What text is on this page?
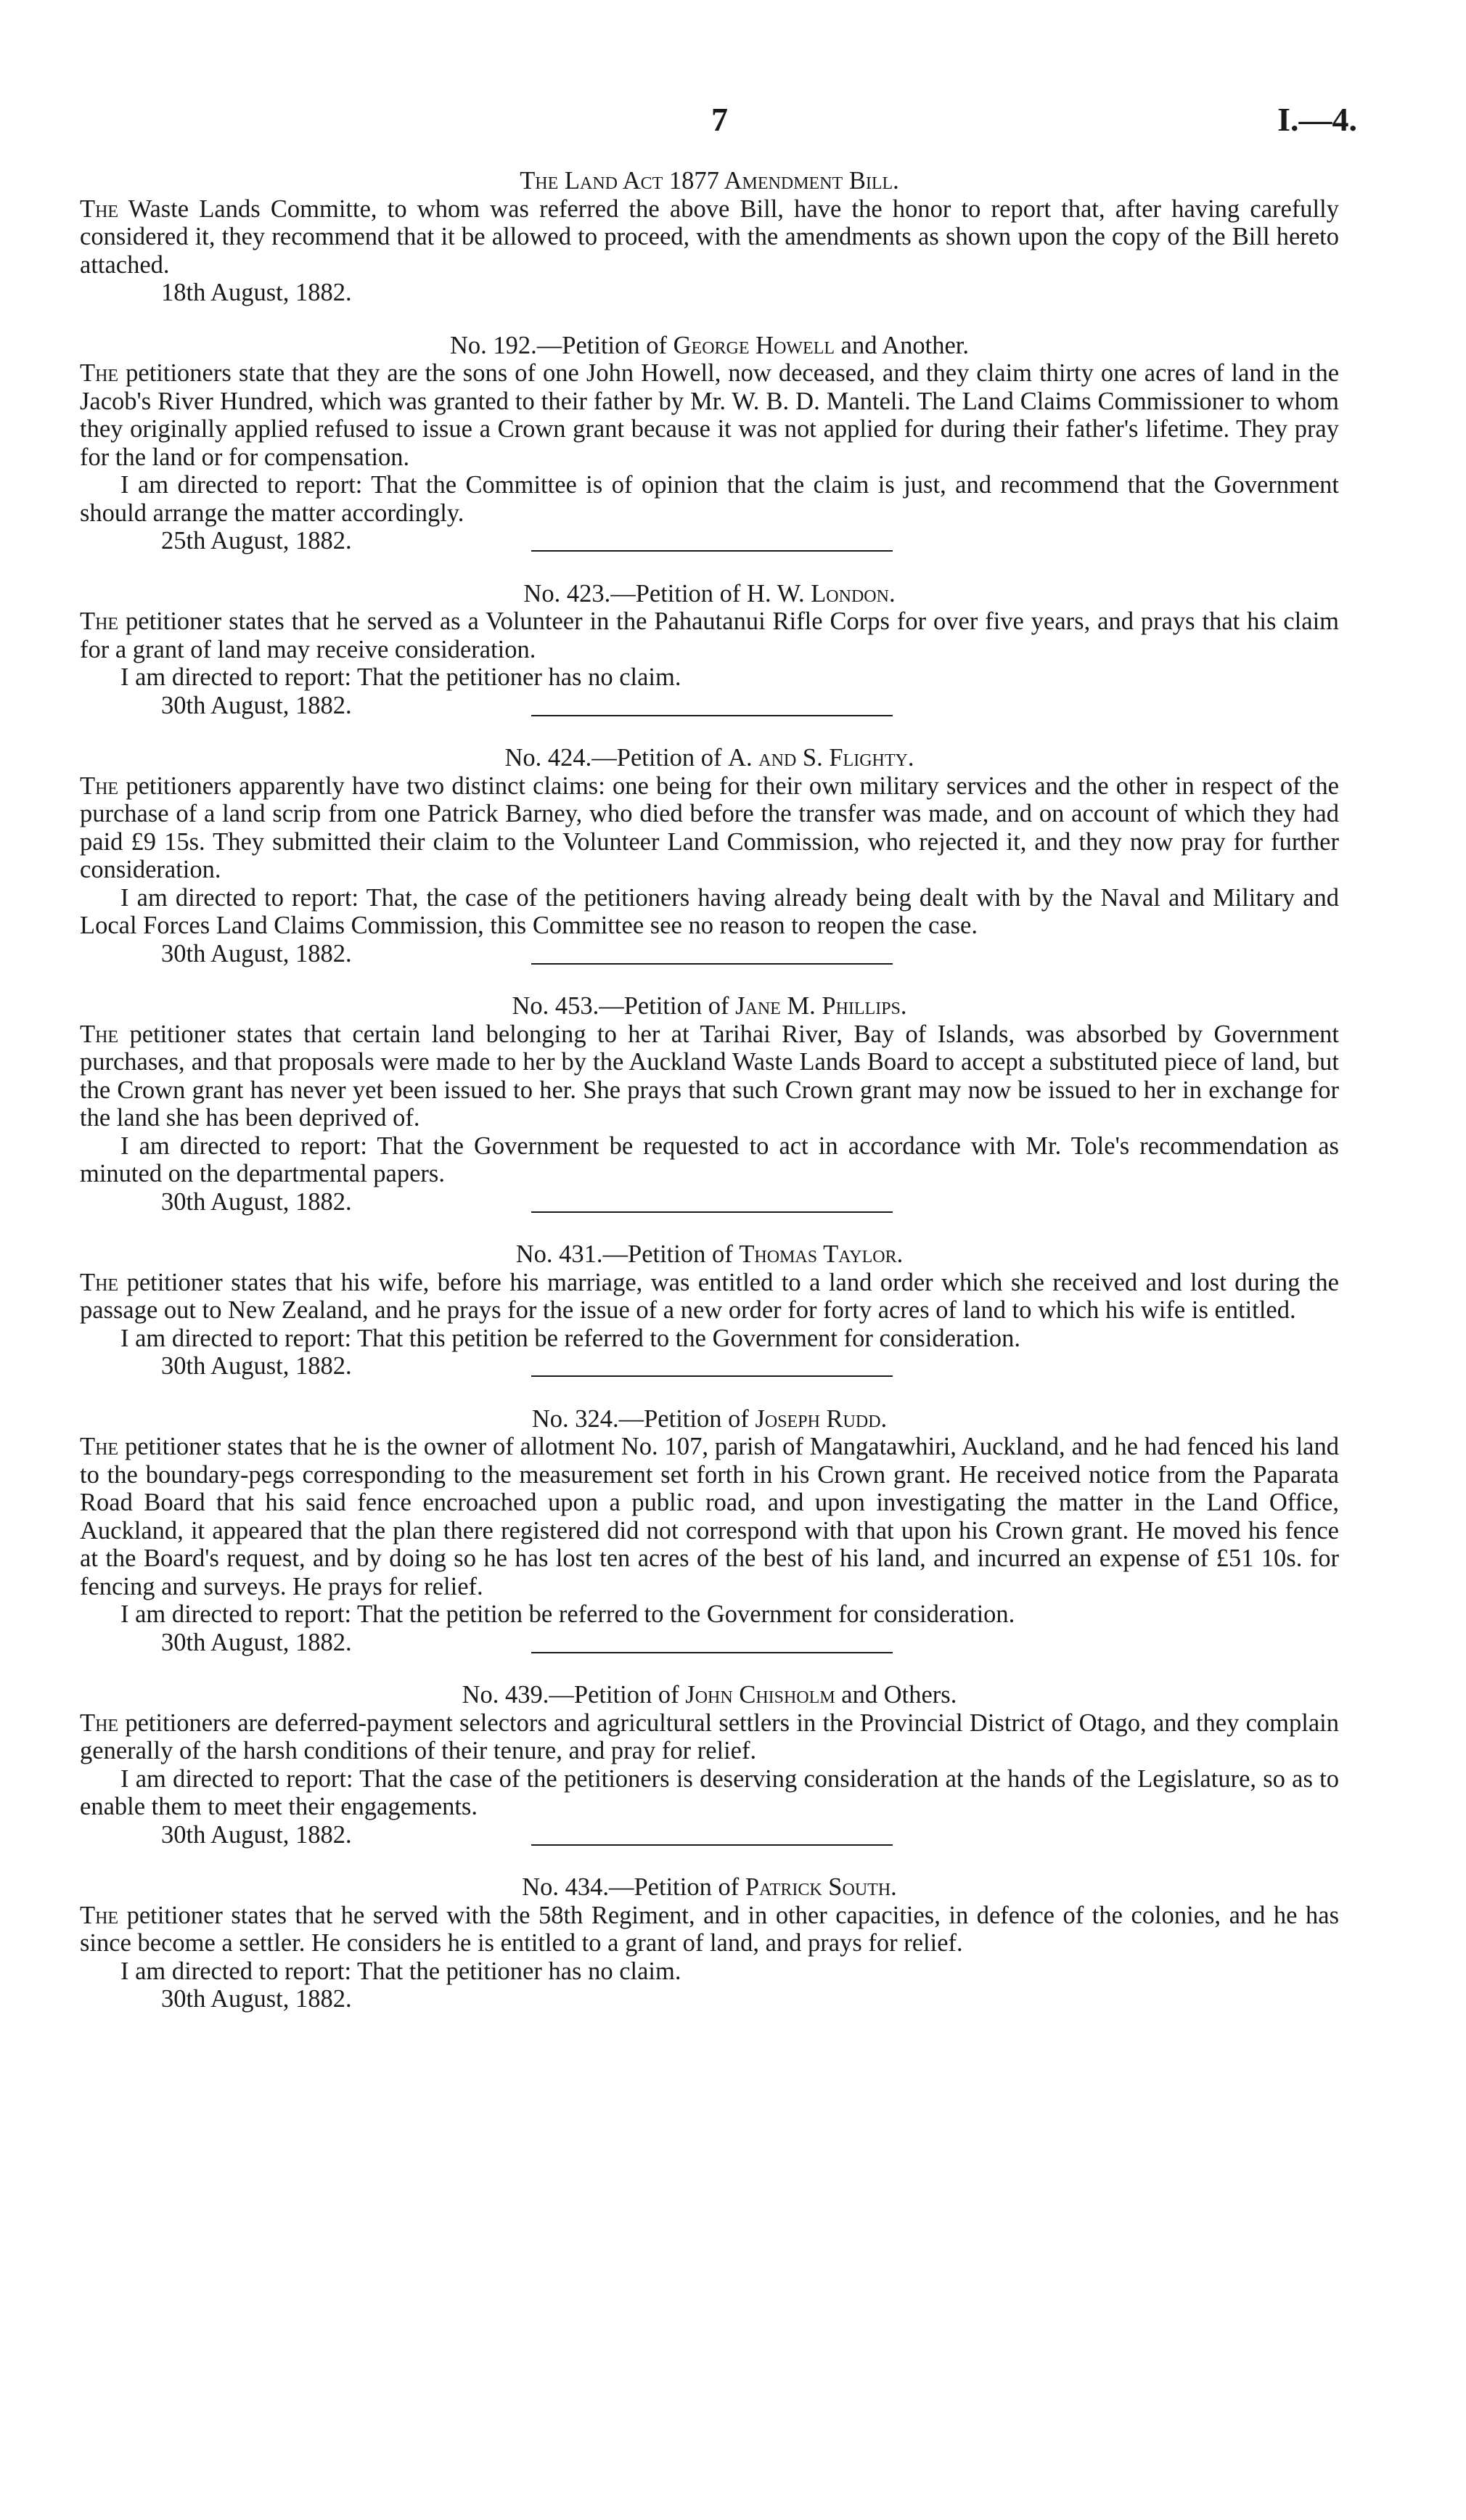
7	I.—4.

The Land Act 1877 Amendment Bill.

The Waste Lands Committe, to whom was referred the above Bill, have the honor to report that, after having carefully considered it, they recommend that it be allowed to proceed, with the amendments as shown upon the copy of the Bill hereto attached.

18th August, 1882.

No. 192.—Petition of George Howell and Another.

The petitioners state that they are the sons of one John Howell, now deceased, and they claim thirty one acres of land in the Jacob's River Hundred, which was granted to their father by Mr. W. B. D. Manteli. The Land Claims Commissioner to whom they originally applied refused to issue a Crown grant because it was not applied for during their father's lifetime. They pray for the land or for compensation.

I am directed to report: That the Committee is of opinion that the claim is just, and recommend that the Government should arrange the matter accordingly.

25th August, 1882.

No. 423.—Petition of H. W. London.

The petitioner states that he served as a Volunteer in the Pahautanui Rifle Corps for over five years, and prays that his claim for a grant of land may receive consideration.

I am directed to report: That the petitioner has no claim.

30th August, 1882.

No. 424.—Petition of A. and S. Flighty.

The petitioners apparently have two distinct claims: one being for their own military services and the other in respect of the purchase of a land scrip from one Patrick Barney, who died before the transfer was made, and on account of which they had paid £9 15s. They submitted their claim to the Volunteer Land Commission, who rejected it, and they now pray for further consideration.

I am directed to report: That, the case of the petitioners having already being dealt with by the Naval and Military and Local Forces Land Claims Commission, this Committee see no reason to reopen the case.

30th August, 1882.

No. 453.—Petition of Jane M. Phillips.

The petitioner states that certain land belonging to her at Tarihai River, Bay of Islands, was absorbed by Government purchases, and that proposals were made to her by the Auckland Waste Lands Board to accept a substituted piece of land, but the Crown grant has never yet been issued to her. She prays that such Crown grant may now be issued to her in exchange for the land she has been deprived of.

I am directed to report: That the Government be requested to act in accordance with Mr. Tole's recommendation as minuted on the departmental papers.

30th August, 1882.

No. 431.—Petition of Thomas Taylor.

The petitioner states that his wife, before his marriage, was entitled to a land order which she received and lost during the passage out to New Zealand, and he prays for the issue of a new order for forty acres of land to which his wife is entitled.

I am directed to report: That this petition be referred to the Government for consideration.

30th August, 1882.

No. 324.—Petition of Joseph Rudd.

The petitioner states that he is the owner of allotment No. 107, parish of Mangatawhiri, Auckland, and he had fenced his land to the boundary-pegs corresponding to the measurement set forth in his Crown grant. He received notice from the Paparata Road Board that his said fence encroached upon a public road, and upon investigating the matter in the Land Office, Auckland, it appeared that the plan there registered did not correspond with that upon his Crown grant. He moved his fence at the Board's request, and by doing so he has lost ten acres of the best of his land, and incurred an expense of £51 10s. for fencing and surveys. He prays for relief.

I am directed to report: That the petition be referred to the Government for consideration.

30th August, 1882.

No. 439.—Petition of John Chisholm and Others.

The petitioners are deferred-payment selectors and agricultural settlers in the Provincial District of Otago, and they complain generally of the harsh conditions of their tenure, and pray for relief.

I am directed to report: That the case of the petitioners is deserving consideration at the hands of the Legislature, so as to enable them to meet their engagements.

30th August, 1882.

No. 434.—Petition of Patrick South.

The petitioner states that he served with the 58th Regiment, and in other capacities, in defence of the colonies, and he has since become a settler. He considers he is entitled to a grant of land, and prays for relief.

I am directed to report: That the petitioner has no claim.

30th August, 1882.
